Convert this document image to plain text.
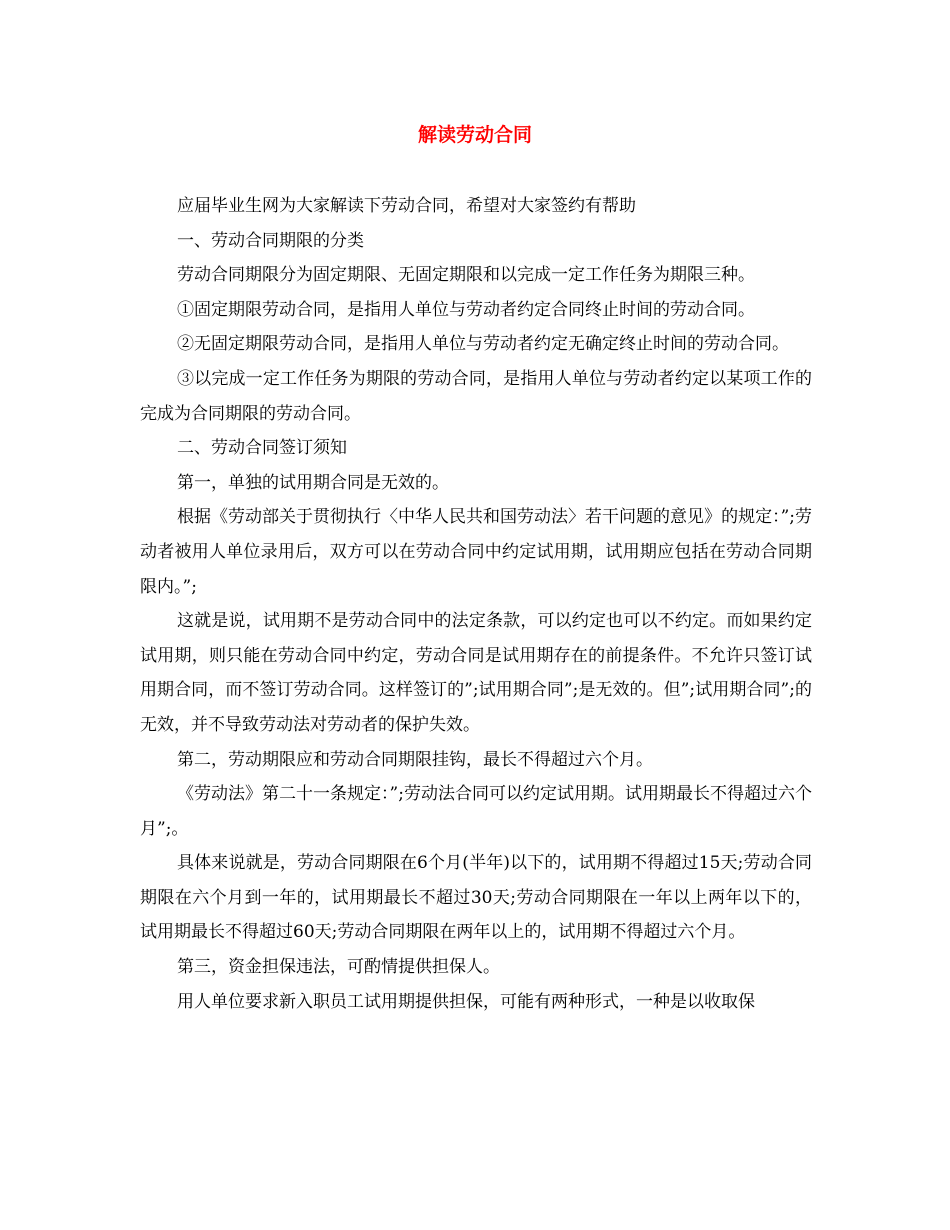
解读劳动合同

应届毕业生网为大家解读下劳动合同，希望对大家签约有帮助

一、劳动合同期限的分类

劳动合同期限分为固定期限、无固定期限和以完成一定工作任务为期限三种。

①固定期限劳动合同，是指用人单位与劳动者约定合同终止时间的劳动合同。

②无固定期限劳动合同，是指用人单位与劳动者约定无确定终止时间的劳动合同。

③以完成一定工作任务为期限的劳动合同，是指用人单位与劳动者约定以某项工作的完成为合同期限的劳动合同。

二、劳动合同签订须知

第一，单独的试用期合同是无效的。

根据《劳动部关于贯彻执行〈中华人民共和国劳动法〉若干问题的意见》的规定：”;劳动者被用人单位录用后，双方可以在劳动合同中约定试用期，试用期应包括在劳动合同期限内。”;

这就是说，试用期不是劳动合同中的法定条款，可以约定也可以不约定。而如果约定试用期，则只能在劳动合同中约定，劳动合同是试用期存在的前提条件。不允许只签订试用期合同，而不签订劳动合同。这样签订的”;试用期合同”;是无效的。但”;试用期合同”;的无效，并不导致劳动法对劳动者的保护失效。

第二，劳动期限应和劳动合同期限挂钩，最长不得超过六个月。

《劳动法》第二十一条规定：”;劳动法合同可以约定试用期。试用期最长不得超过六个月”;。

具体来说就是，劳动合同期限在6个月(半年)以下的，试用期不得超过15天;劳动合同期限在六个月到一年的，试用期最长不超过30天;劳动合同期限在一年以上两年以下的，试用期最长不得超过60天;劳动合同期限在两年以上的，试用期不得超过六个月。

第三，资金担保违法，可酌情提供担保人。

用人单位要求新入职员工试用期提供担保，可能有两种形式，一种是以收取保
